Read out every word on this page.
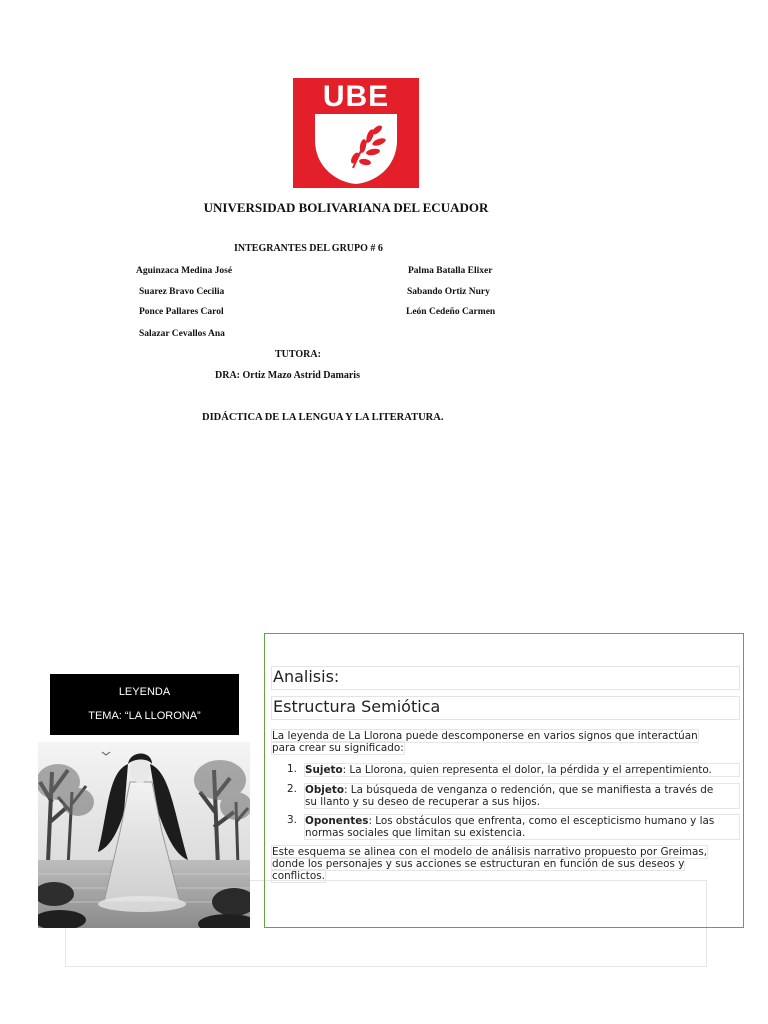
UBE
UNIVERSIDAD BOLIVARIANA DEL ECUADOR
INTEGRANTES DEL GRUPO # 6
Aguinzaca Medina José
Suarez Bravo Cecilia
Ponce Pallares Carol
Salazar Cevallos Ana
Palma Batalla Elixer
Sabando Ortiz Nury
León Cedeño Carmen
TUTORA:
DRA: Ortiz Mazo Astrid Damaris
DIDÁCTICA DE LA LENGUA Y LA LITERATURA.
LEYENDA
TEMA: “LA LLORONA”
Analisis:
Estructura Semiótica
La leyenda de La Llorona puede descomponerse en varios signos que interactúan
para crear su significado:
1. Sujeto: La Llorona, quien representa el dolor, la pérdida y el arrepentimiento.
2. Objeto: La búsqueda de venganza o redención, que se manifiesta a través de
su llanto y su deseo de recuperar a sus hijos.
3. Oponentes: Los obstáculos que enfrenta, como el escepticismo humano y las
normas sociales que limitan su existencia.
Este esquema se alinea con el modelo de análisis narrativo propuesto por Greimas,
donde los personajes y sus acciones se estructuran en función de sus deseos y
conflictos.
